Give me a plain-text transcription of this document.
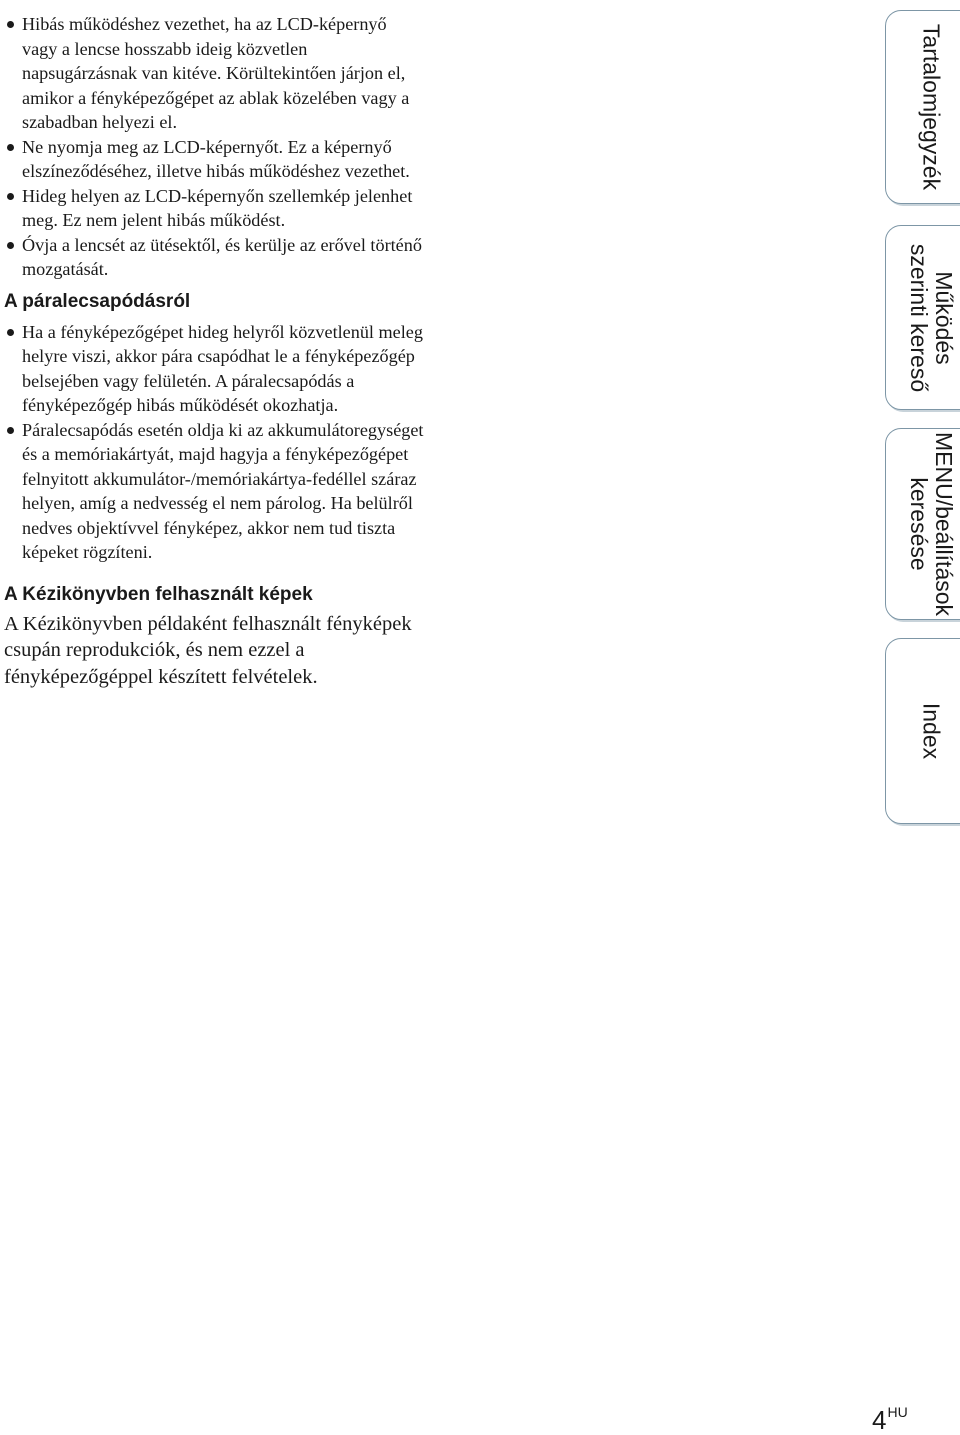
Hibás működéshez vezethet, ha az LCD-képernyő vagy a lencse hosszabb ideig közvetlen napsugárzásnak van kitéve. Körültekintően járjon el, amikor a fényképezőgépet az ablak közelében vagy a szabadban helyezi el.
Ne nyomja meg az LCD-képernyőt. Ez a képernyő elszíneződéséhez, illetve hibás működéshez vezethet.
Hideg helyen az LCD-képernyőn szellemkép jelenhet meg. Ez nem jelent hibás működést.
Óvja a lencsét az ütésektől, és kerülje az erővel történő mozgatását.
A páralecsapódásról
Ha a fényképezőgépet hideg helyről közvetlenül meleg helyre viszi, akkor pára csapódhat le a fényképezőgép belsejében vagy felületén. A páralecsapódás a fényképezőgép hibás működését okozhatja.
Páralecsapódás esetén oldja ki az akkumulátoregységet és a memóriakártyát, majd hagyja a fényképezőgépet felnyitott akkumulátor-/memóriakártya-fedéllel száraz helyen, amíg a nedvesség el nem párolog. Ha belülről nedves objektívvel fényképez, akkor nem tud tiszta képeket rögzíteni.
A Kézikönyvben felhasznált képek

A Kézikönyvben példaként felhasznált fényképek csupán reprodukciók, és nem ezzel a fényképezőgéppel készített felvételek.

Tartalomjegyzék
Működés
szerinti kereső
MENU/beállítások
keresése
Index
$4^{HU}$
